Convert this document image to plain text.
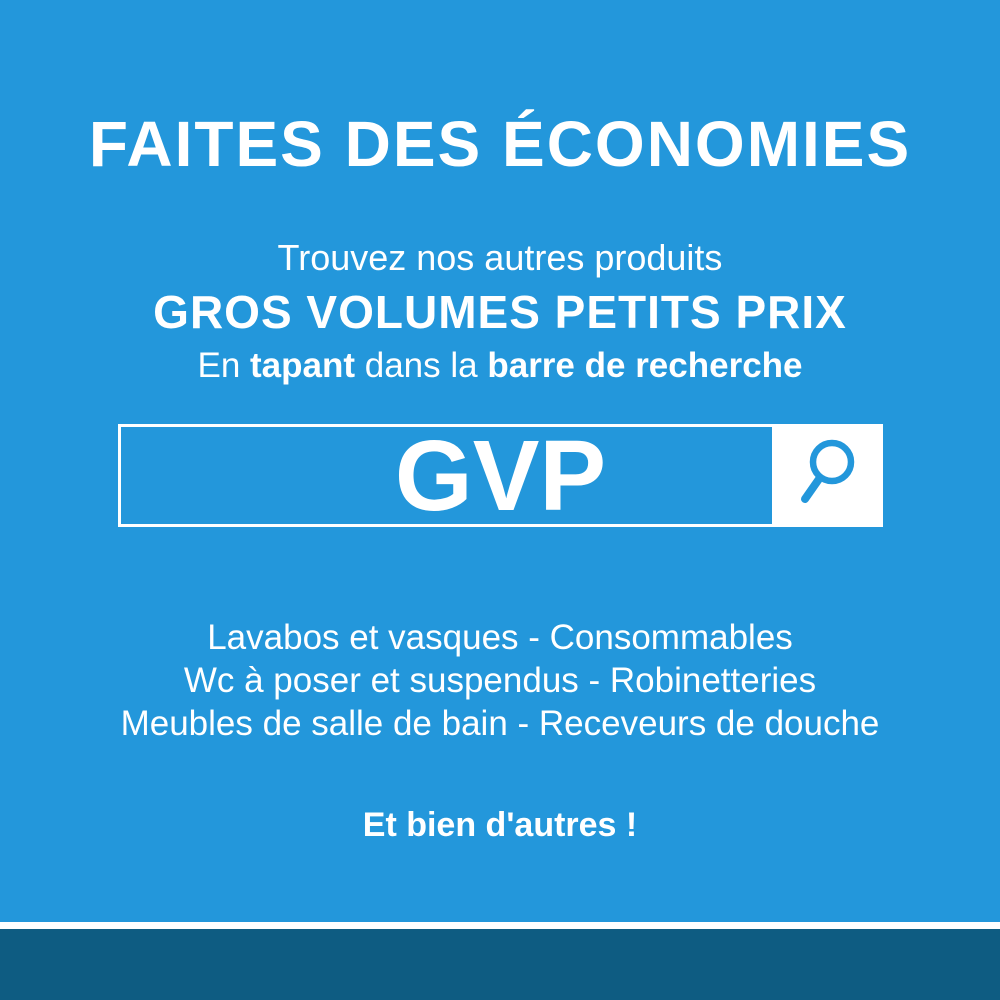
FAITES DES ÉCONOMIES
Trouvez nos autres produits
GROS VOLUMES PETITS PRIX
En tapant dans la barre de recherche
GVP
Lavabos et vasques - Consommables
Wc à poser et suspendus - Robinetteries
Meubles de salle de bain - Receveurs de douche
Et bien d'autres !
